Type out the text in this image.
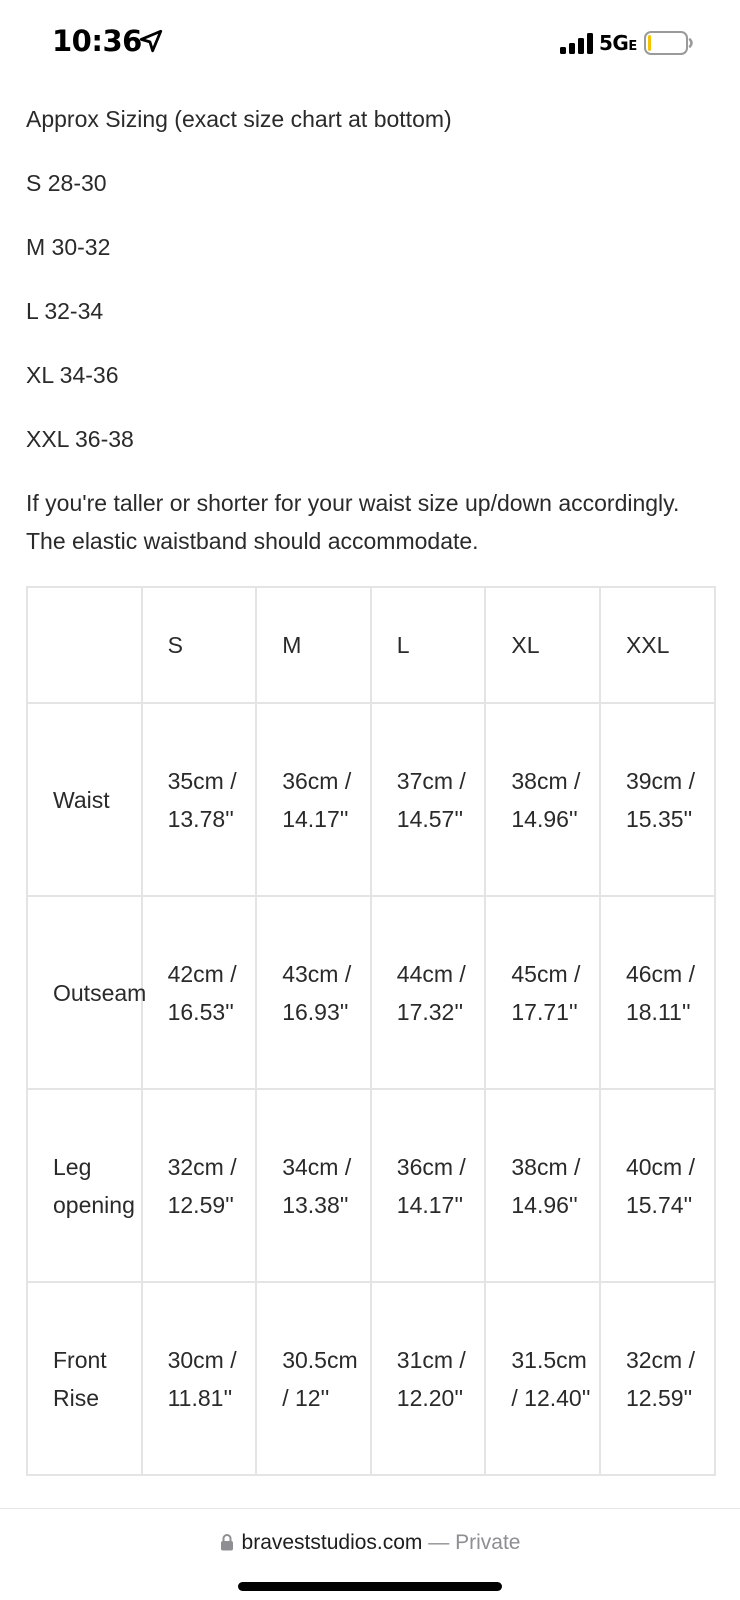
10:36	5GE

Approx Sizing (exact size chart at bottom)

S 28-30

M 30-32

L 32-34

XL 34-36

XXL 36-38

If you're taller or shorter for your waist size up/down accordingly. The elastic waistband should accommodate.

	S	M	L	XL	XXL
Waist	35cm / 13.78''	36cm / 14.17''	37cm / 14.57''	38cm / 14.96''	39cm / 15.35''
Outseam	42cm / 16.53''	43cm / 16.93''	44cm / 17.32''	45cm / 17.71''	46cm / 18.11''
Leg opening	32cm / 12.59''	34cm / 13.38''	36cm / 14.17''	38cm / 14.96''	40cm / 15.74''
Front Rise	30cm / 11.81''	30.5cm / 12''	31cm / 12.20''	31.5cm / 12.40''	32cm / 12.59''
braveststudios.com — Private
